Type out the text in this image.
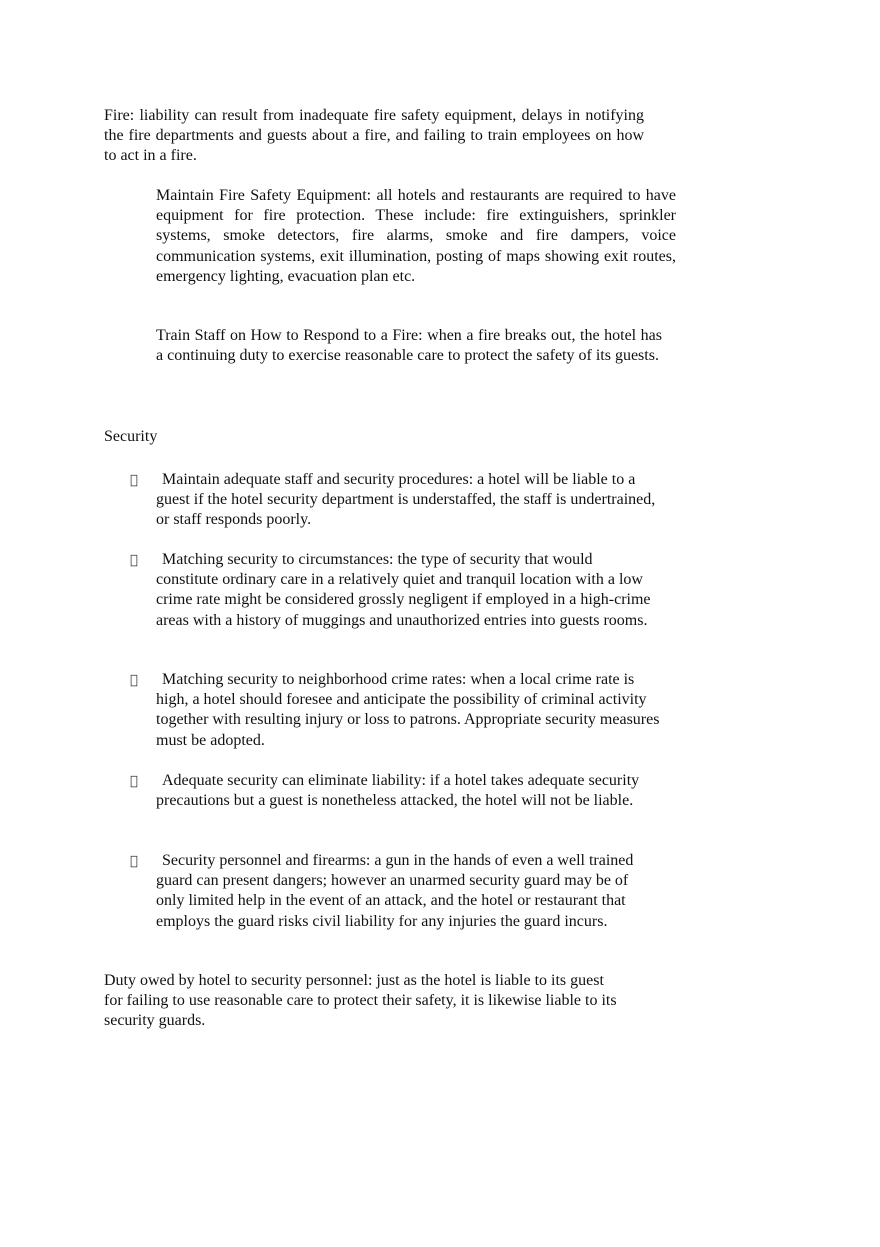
Fire: liability can result from inadequate fire safety equipment, delays in notifying the fire departments and guests about a fire, and failing to train employees on how to act in a fire.

Maintain Fire Safety Equipment: all hotels and restaurants are required to have equipment for fire protection. These include: fire extinguishers, sprinkler systems, smoke detectors, fire alarms, smoke and fire dampers, voice communication systems, exit illumination, posting of maps showing exit routes, emergency lighting, evacuation plan etc.

Train Staff on How to Respond to a Fire: when a fire breaks out, the hotel has a continuing duty to exercise reasonable care to protect the safety of its guests.

Security

Maintain adequate staff and security procedures: a hotel will be liable to a guest if the hotel security department is understaffed, the staff is undertrained, or staff responds poorly.

Matching security to circumstances: the type of security that would constitute ordinary care in a relatively quiet and tranquil location with a low crime rate might be considered grossly negligent if employed in a high-crime areas with a history of muggings and unauthorized entries into guests rooms.

Matching security to neighborhood crime rates: when a local crime rate is high, a hotel should foresee and anticipate the possibility of criminal activity together with resulting injury or loss to patrons. Appropriate security measures must be adopted.

Adequate security can eliminate liability: if a hotel takes adequate security precautions but a guest is nonetheless attacked, the hotel will not be liable.

Security personnel and firearms: a gun in the hands of even a well trained guard can present dangers; however an unarmed security guard may be of only limited help in the event of an attack, and the hotel or restaurant that employs the guard risks civil liability for any injuries the guard incurs.

Duty owed by hotel to security personnel: just as the hotel is liable to its guest for failing to use reasonable care to protect their safety, it is likewise liable to its security guards.
